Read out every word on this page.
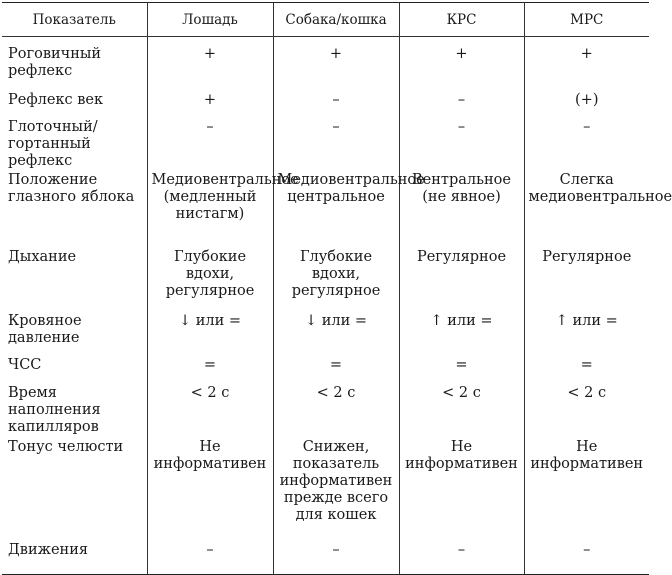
Показатель	Лошадь	Собака/кошка	КРС	МРС
Роговичный рефлекс	+	+	+	+
Рефлекс век	+	–	–	(+)
Глоточный/ гортанный рефлекс	–	–	–	–
Положение глазного яблока	Медиовентральное (медленный нистагм)	Медиовентральное центральное	Вентральное (не явное)	Слегка медиовентральное
Дыхание	Глубокие вдохи, регулярное	Глубокие вдохи, регулярное	Регулярное	Регулярное
Кровяное давление	↓ или =	↓ или =	↑ или =	↑ или =
ЧСС	=	=	=	=
Время наполнения капилляров	< 2 с	< 2 с	< 2 с	< 2 с
Тонус челюсти	Не информативен	Снижен, показатель информативен прежде всего для кошек	Не информативен	Не информативен
Движения	–	–	–	–
